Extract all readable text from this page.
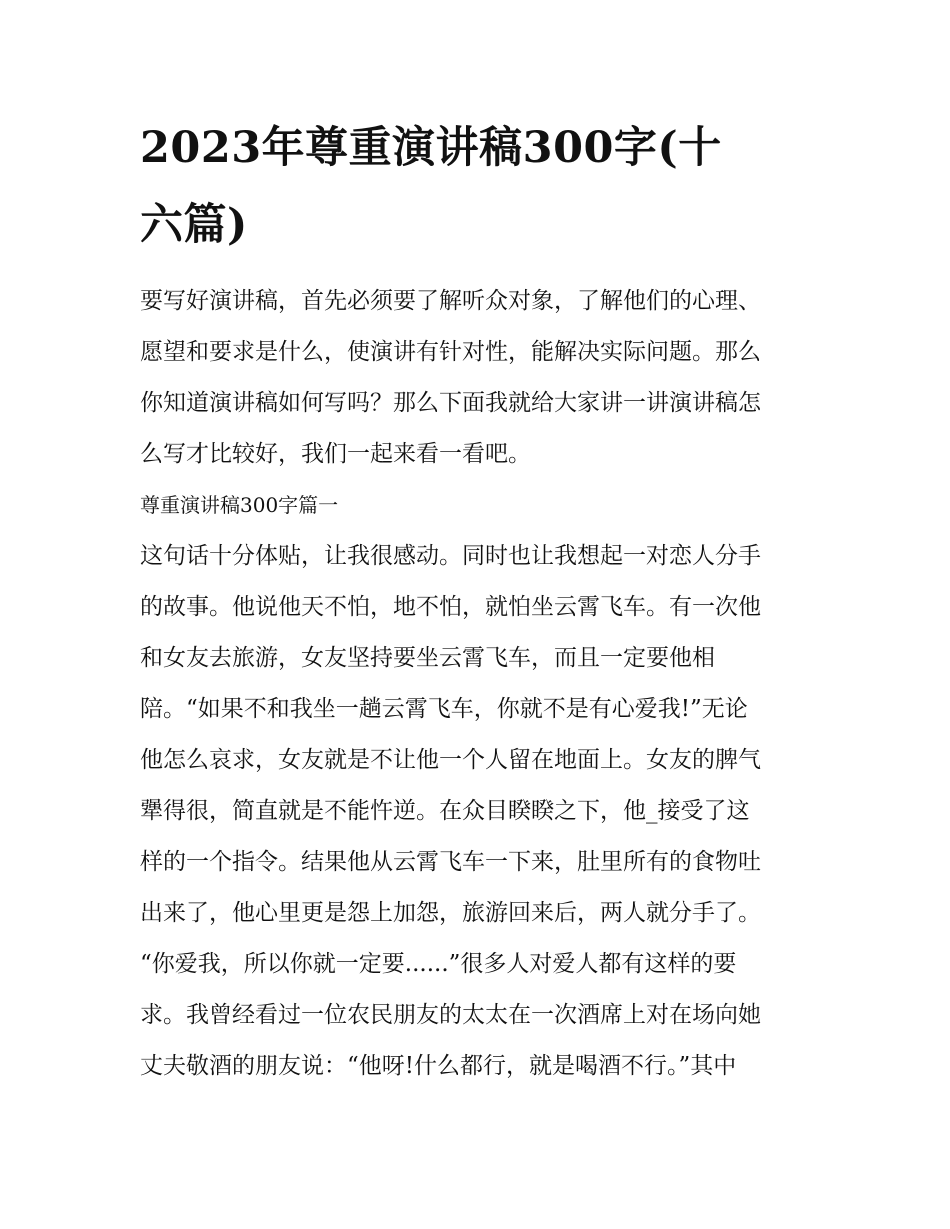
2023年尊重演讲稿300字(十
六篇)

要写好演讲稿，首先必须要了解听众对象，了解他们的心理、
愿望和要求是什么，使演讲有针对性，能解决实际问题。那么
你知道演讲稿如何写吗？那么下面我就给大家讲一讲演讲稿怎
么写才比较好，我们一起来看一看吧。

尊重演讲稿300字篇一

这句话十分体贴，让我很感动。同时也让我想起一对恋人分手
的故事。他说他天不怕，地不怕，就怕坐云霄飞车。有一次他
和女友去旅游，女友坚持要坐云霄飞车，而且一定要他相
陪。“如果不和我坐一趟云霄飞车，你就不是有心爱我!”无论
他怎么哀求，女友就是不让他一个人留在地面上。女友的脾气
犟得很，简直就是不能忤逆。在众目睽睽之下，他_接受了这
样的一个指令。结果他从云霄飞车一下来，肚里所有的食物吐
出来了，他心里更是怨上加怨，旅游回来后，两人就分手了。
“你爱我，所以你就一定要......”很多人对爱人都有这样的要
求。我曾经看过一位农民朋友的太太在一次酒席上对在场向她
丈夫敬酒的朋友说：“他呀!什么都行，就是喝酒不行。”其中
